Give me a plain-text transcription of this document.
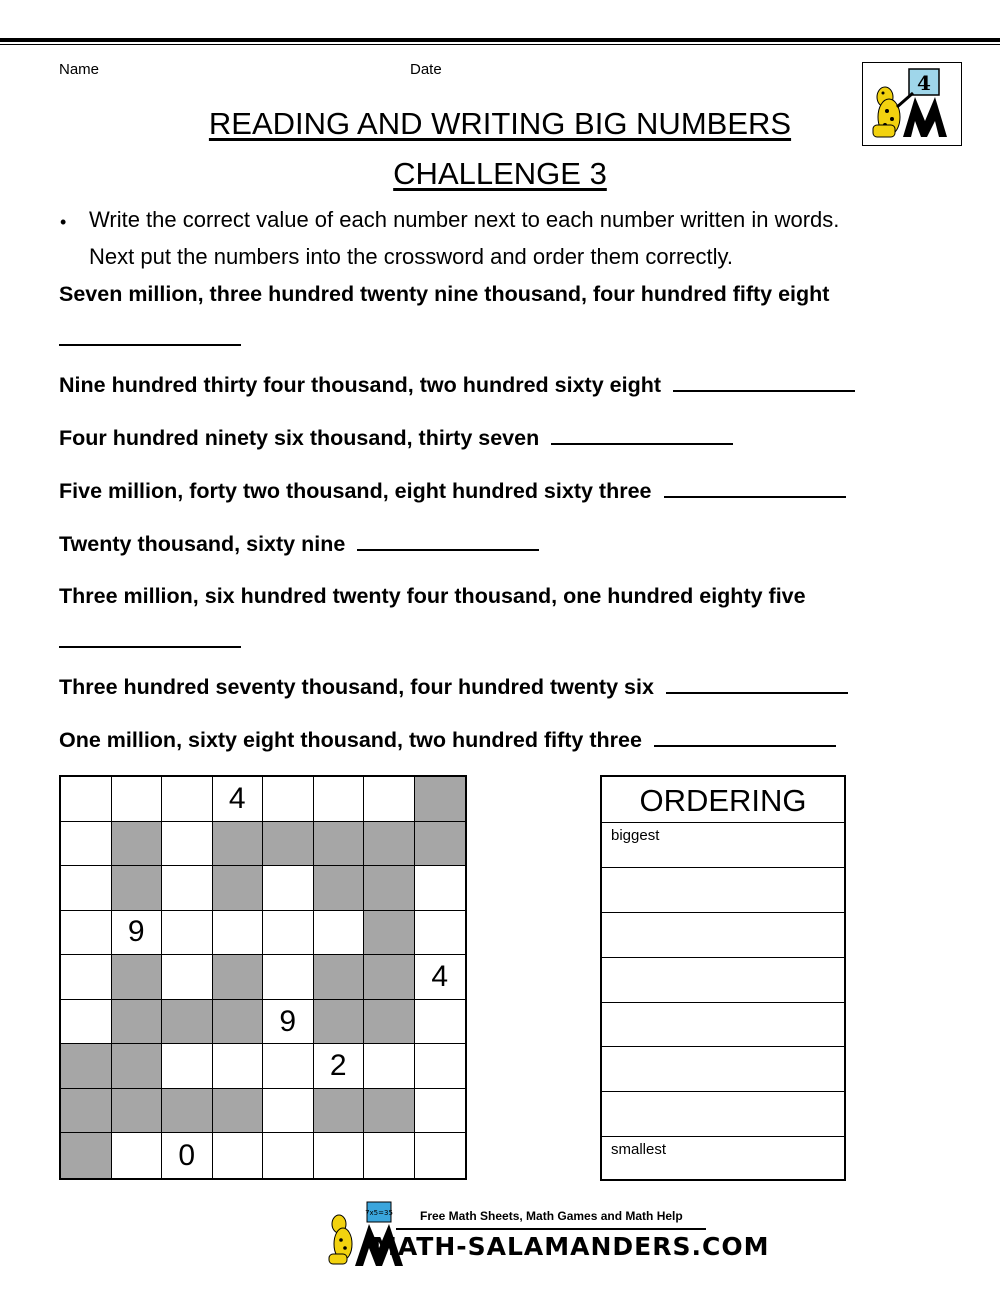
Name	Date
4
READING AND WRITING BIG NUMBERS
CHALLENGE 3
• Write the correct value of each number next to each number written in words.
Next put the numbers into the crossword and order them correctly.
Seven million, three hundred twenty nine thousand, four hundred fifty eight
Nine hundred thirty four thousand, two hundred sixty eight
Four hundred ninety six thousand, thirty seven
Five million, forty two thousand, eight hundred sixty three
Twenty thousand, sixty nine
Three million, six hundred twenty four thousand, one hundred eighty five
Three hundred seventy thousand, four hundred twenty six
One million, sixty eight thousand, two hundred fifty three
4
9
4
9
2
0
ORDERING
biggest
smallest
7x5=35 Free Math Sheets, Math Games and Math Help
MATH-SALAMANDERS.COM
